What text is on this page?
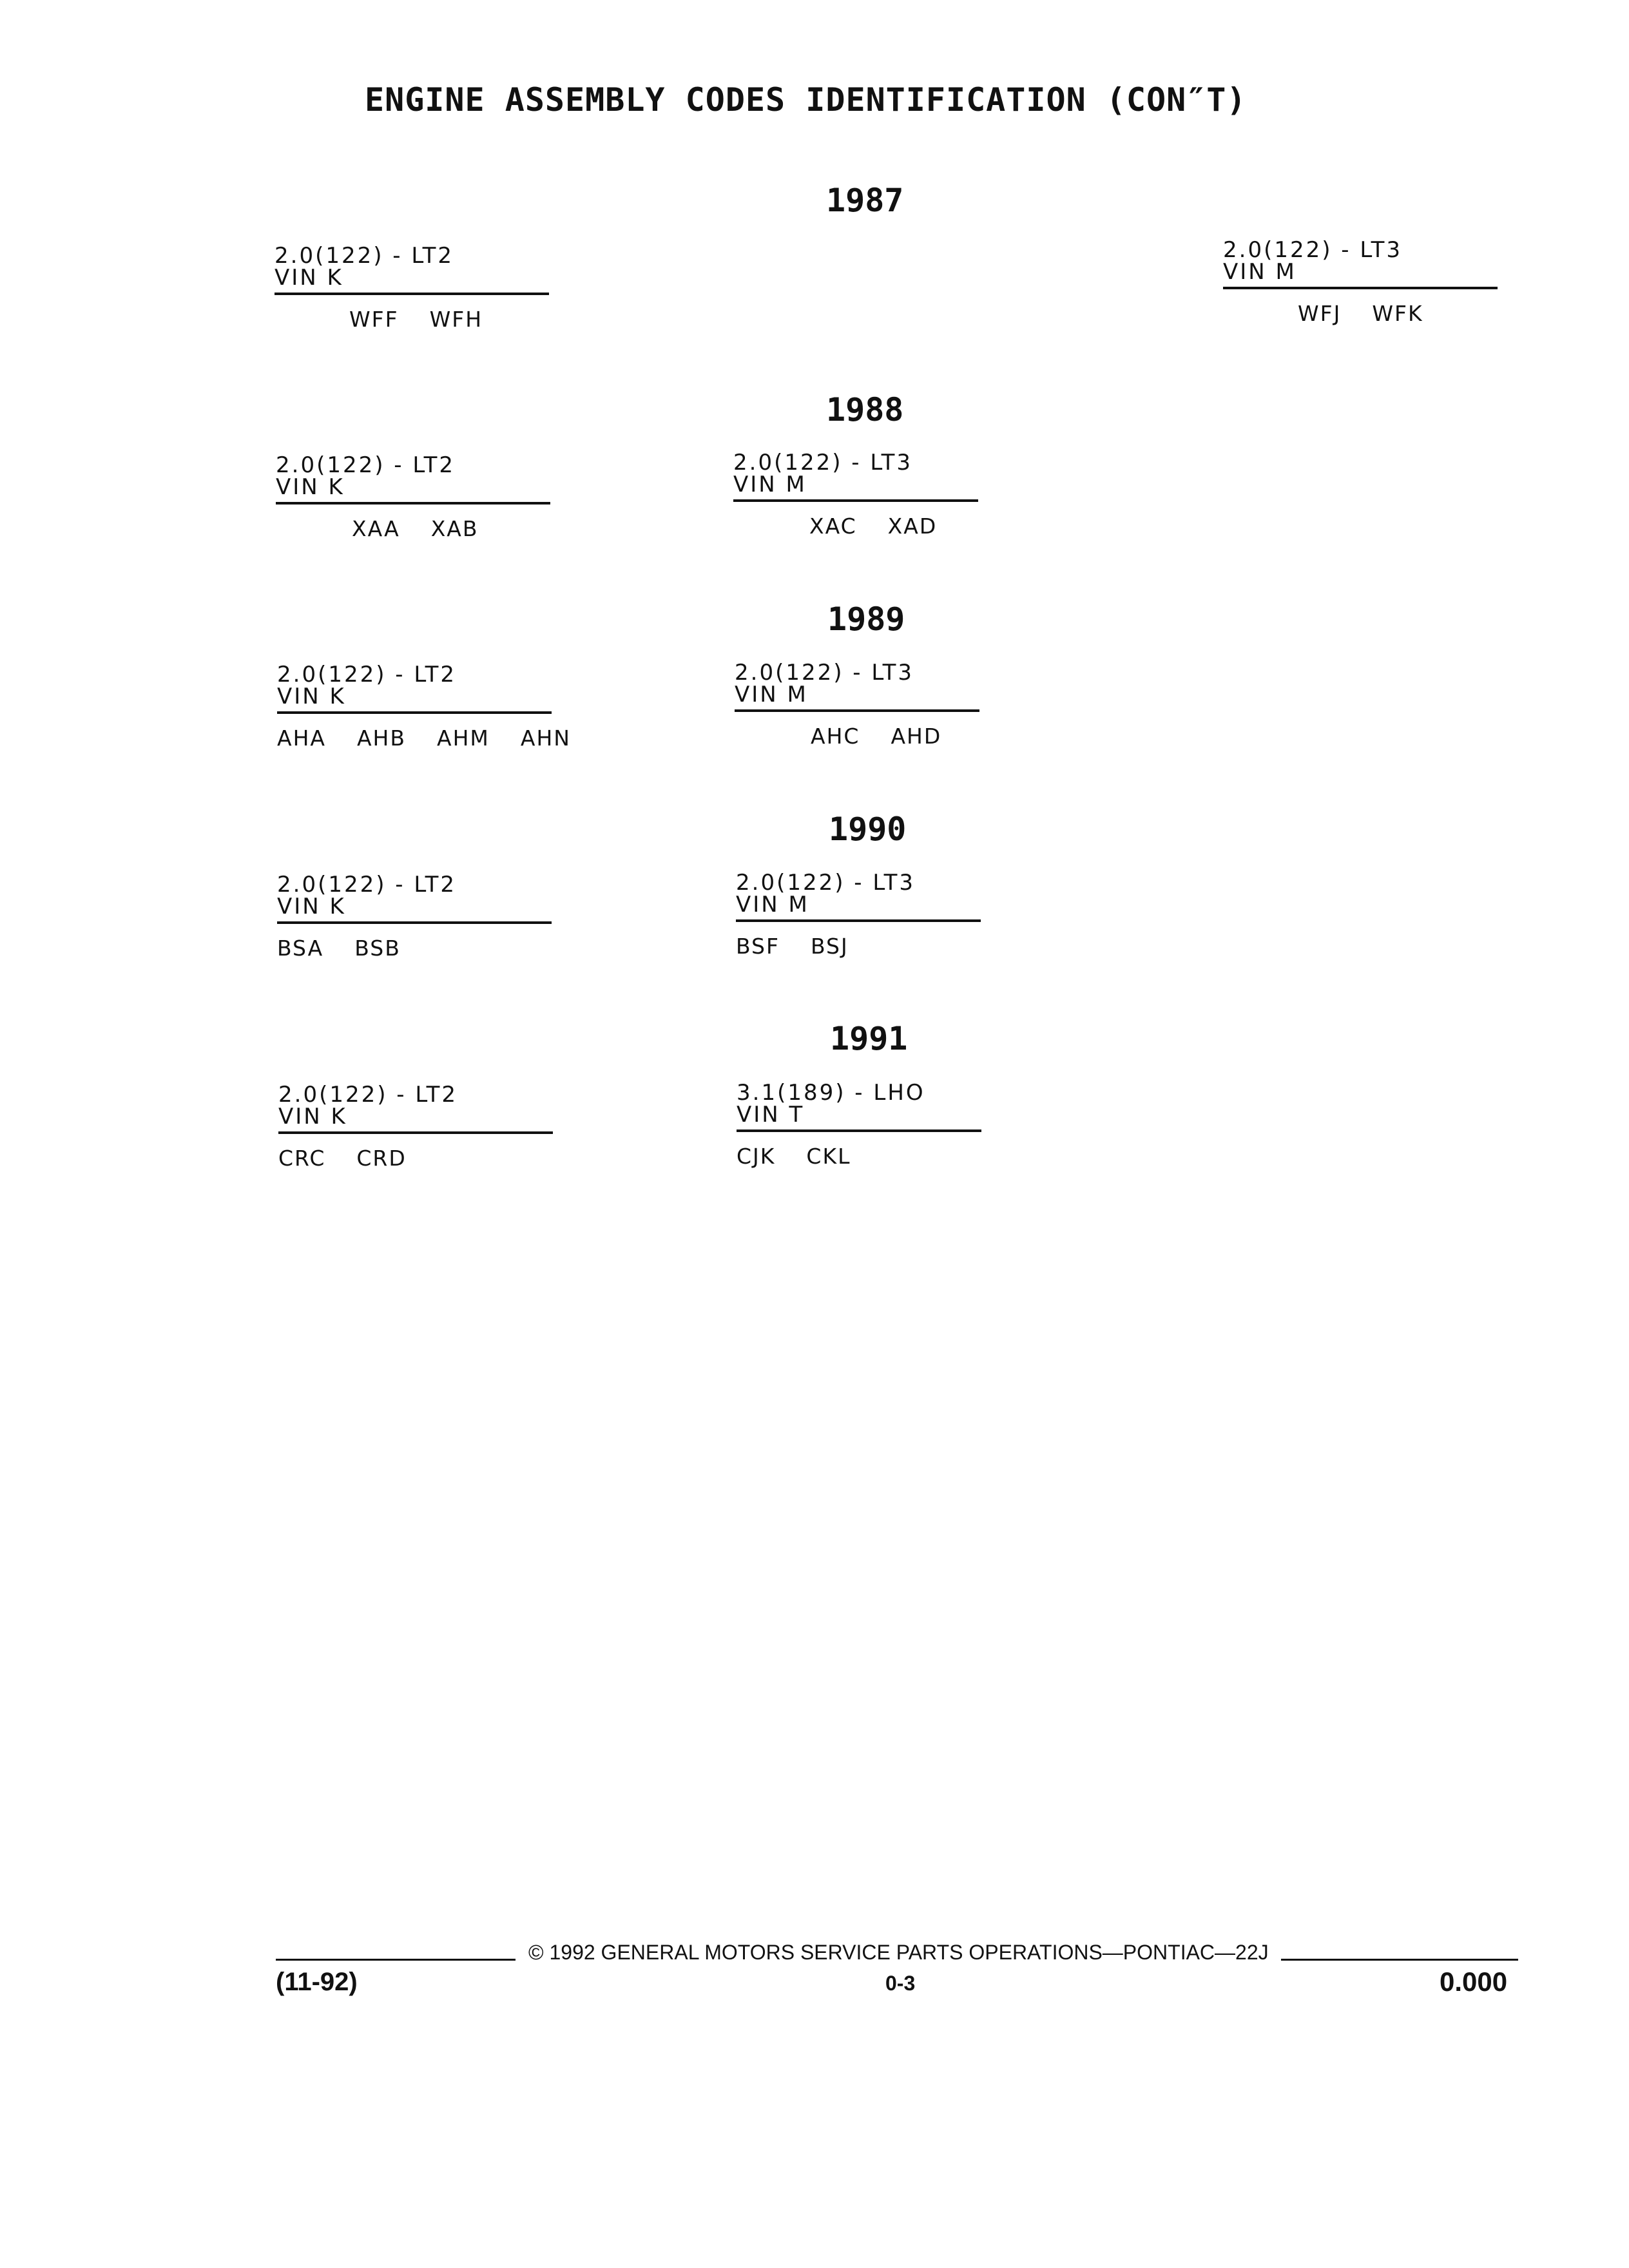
ENGINE ASSEMBLY CODES IDENTIFICATION (CON″T)
1987
1988
1989
1990
1991
2.0(122) - LT2
VIN K
WFF WFH
2.0(122) - LT3
VIN M
WFJ WFK
2.0(122) - LT2
VIN K
XAA XAB
2.0(122) - LT3
VIN M
XAC XAD
2.0(122) - LT2
VIN K
AHA AHB AHM AHN
2.0(122) - LT3
VIN M
AHC AHD
2.0(122) - LT2
VIN K
BSA BSB
2.0(122) - LT3
VIN M
BSF BSJ
2.0(122) - LT2
VIN K
CRC CRD
3.1(189) - LHO
VIN T
CJK CKL
© 1992 GENERAL MOTORS SERVICE PARTS OPERATIONS—PONTIAC—22J
(11-92)	0-3	0.000
